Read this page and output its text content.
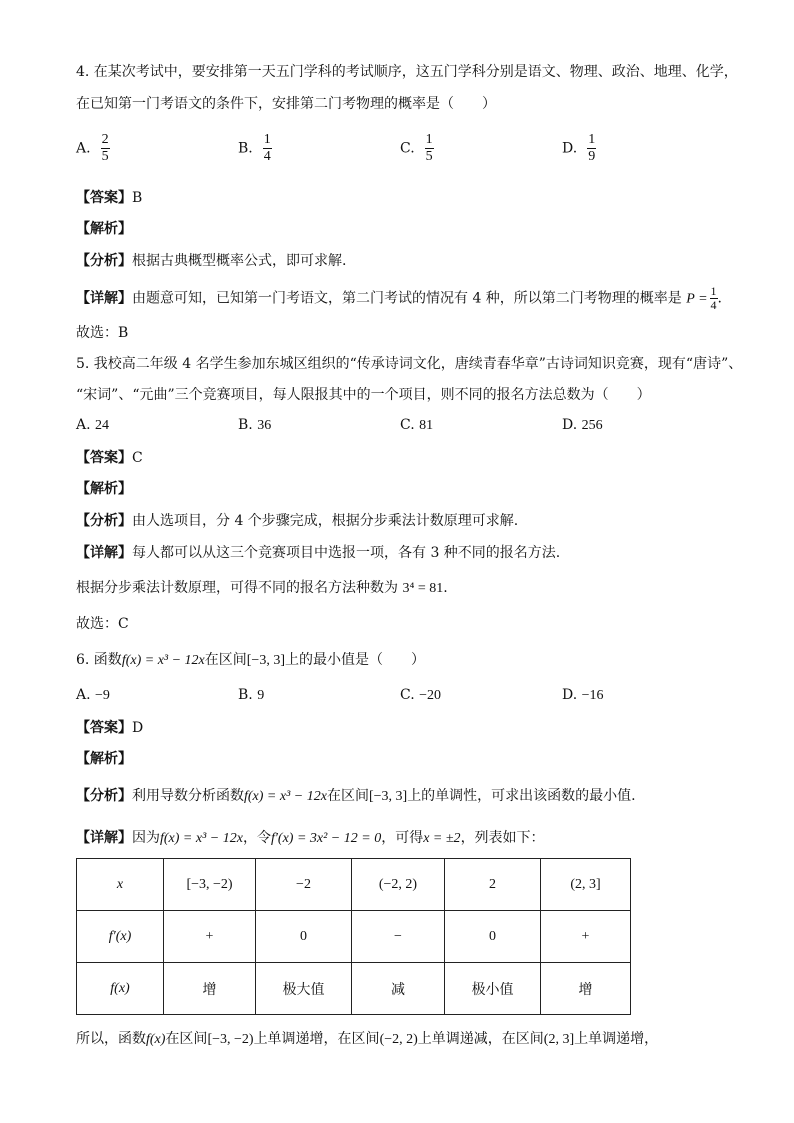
4. 在某次考试中，要安排第一天五门学科的考试顺序，这五门学科分别是语文、物理、政治、地理、化学，
在已知第一门考语文的条件下，安排第二门考物理的概率是（　　）
A. $\frac{2}{5}$	B. $\frac{1}{4}$	C. $\frac{1}{5}$	D. $\frac{1}{9}$
【答案】B
【解析】
【分析】根据古典概型概率公式，即可求解.
【详解】由题意可知，已知第一门考语文，第二门考试的情况有 4 种，所以第二门考物理的概率是 $P = \frac{1}{4}$ .
故选：B
5. 我校高二年级 4 名学生参加东城区组织的“传承诗词文化，唐续青春华章”古诗词知识竞赛，现有“唐诗”、
“宋词”、“元曲”三个竞赛项目，每人限报其中的一个项目，则不同的报名方法总数为（　　）
A. 24	B. 36	C. 81	D. 256
【答案】C
【解析】
【分析】由人选项目，分 4 个步骤完成，根据分步乘法计数原理可求解.
【详解】每人都可以从这三个竞赛项目中选报一项，各有 3 种不同的报名方法.
根据分步乘法计数原理，可得不同的报名方法种数为 3⁴ = 81.
故选：C
6. 函数f(x) = x³ − 12x在区间[−3, 3]上的最小值是（　　）
A. −9	B. 9	C. −20	D. −16
【答案】D
【解析】
【分析】利用导数分析函数f(x) = x³ − 12x在区间[−3, 3]上的单调性，可求出该函数的最小值.
【详解】因为f(x) = x³ − 12x，令f′(x) = 3x² − 12 = 0，可得x = ±2，列表如下：
x	[−3, −2)	−2	(−2, 2)	2	(2, 3]
f′(x)	+	0	−	0	+
f(x)	增	极大值	减	极小值	增
所以，函数f(x)在区间[−3, −2)上单调递增，在区间(−2, 2)上单调递减，在区间(2, 3]上单调递增，
